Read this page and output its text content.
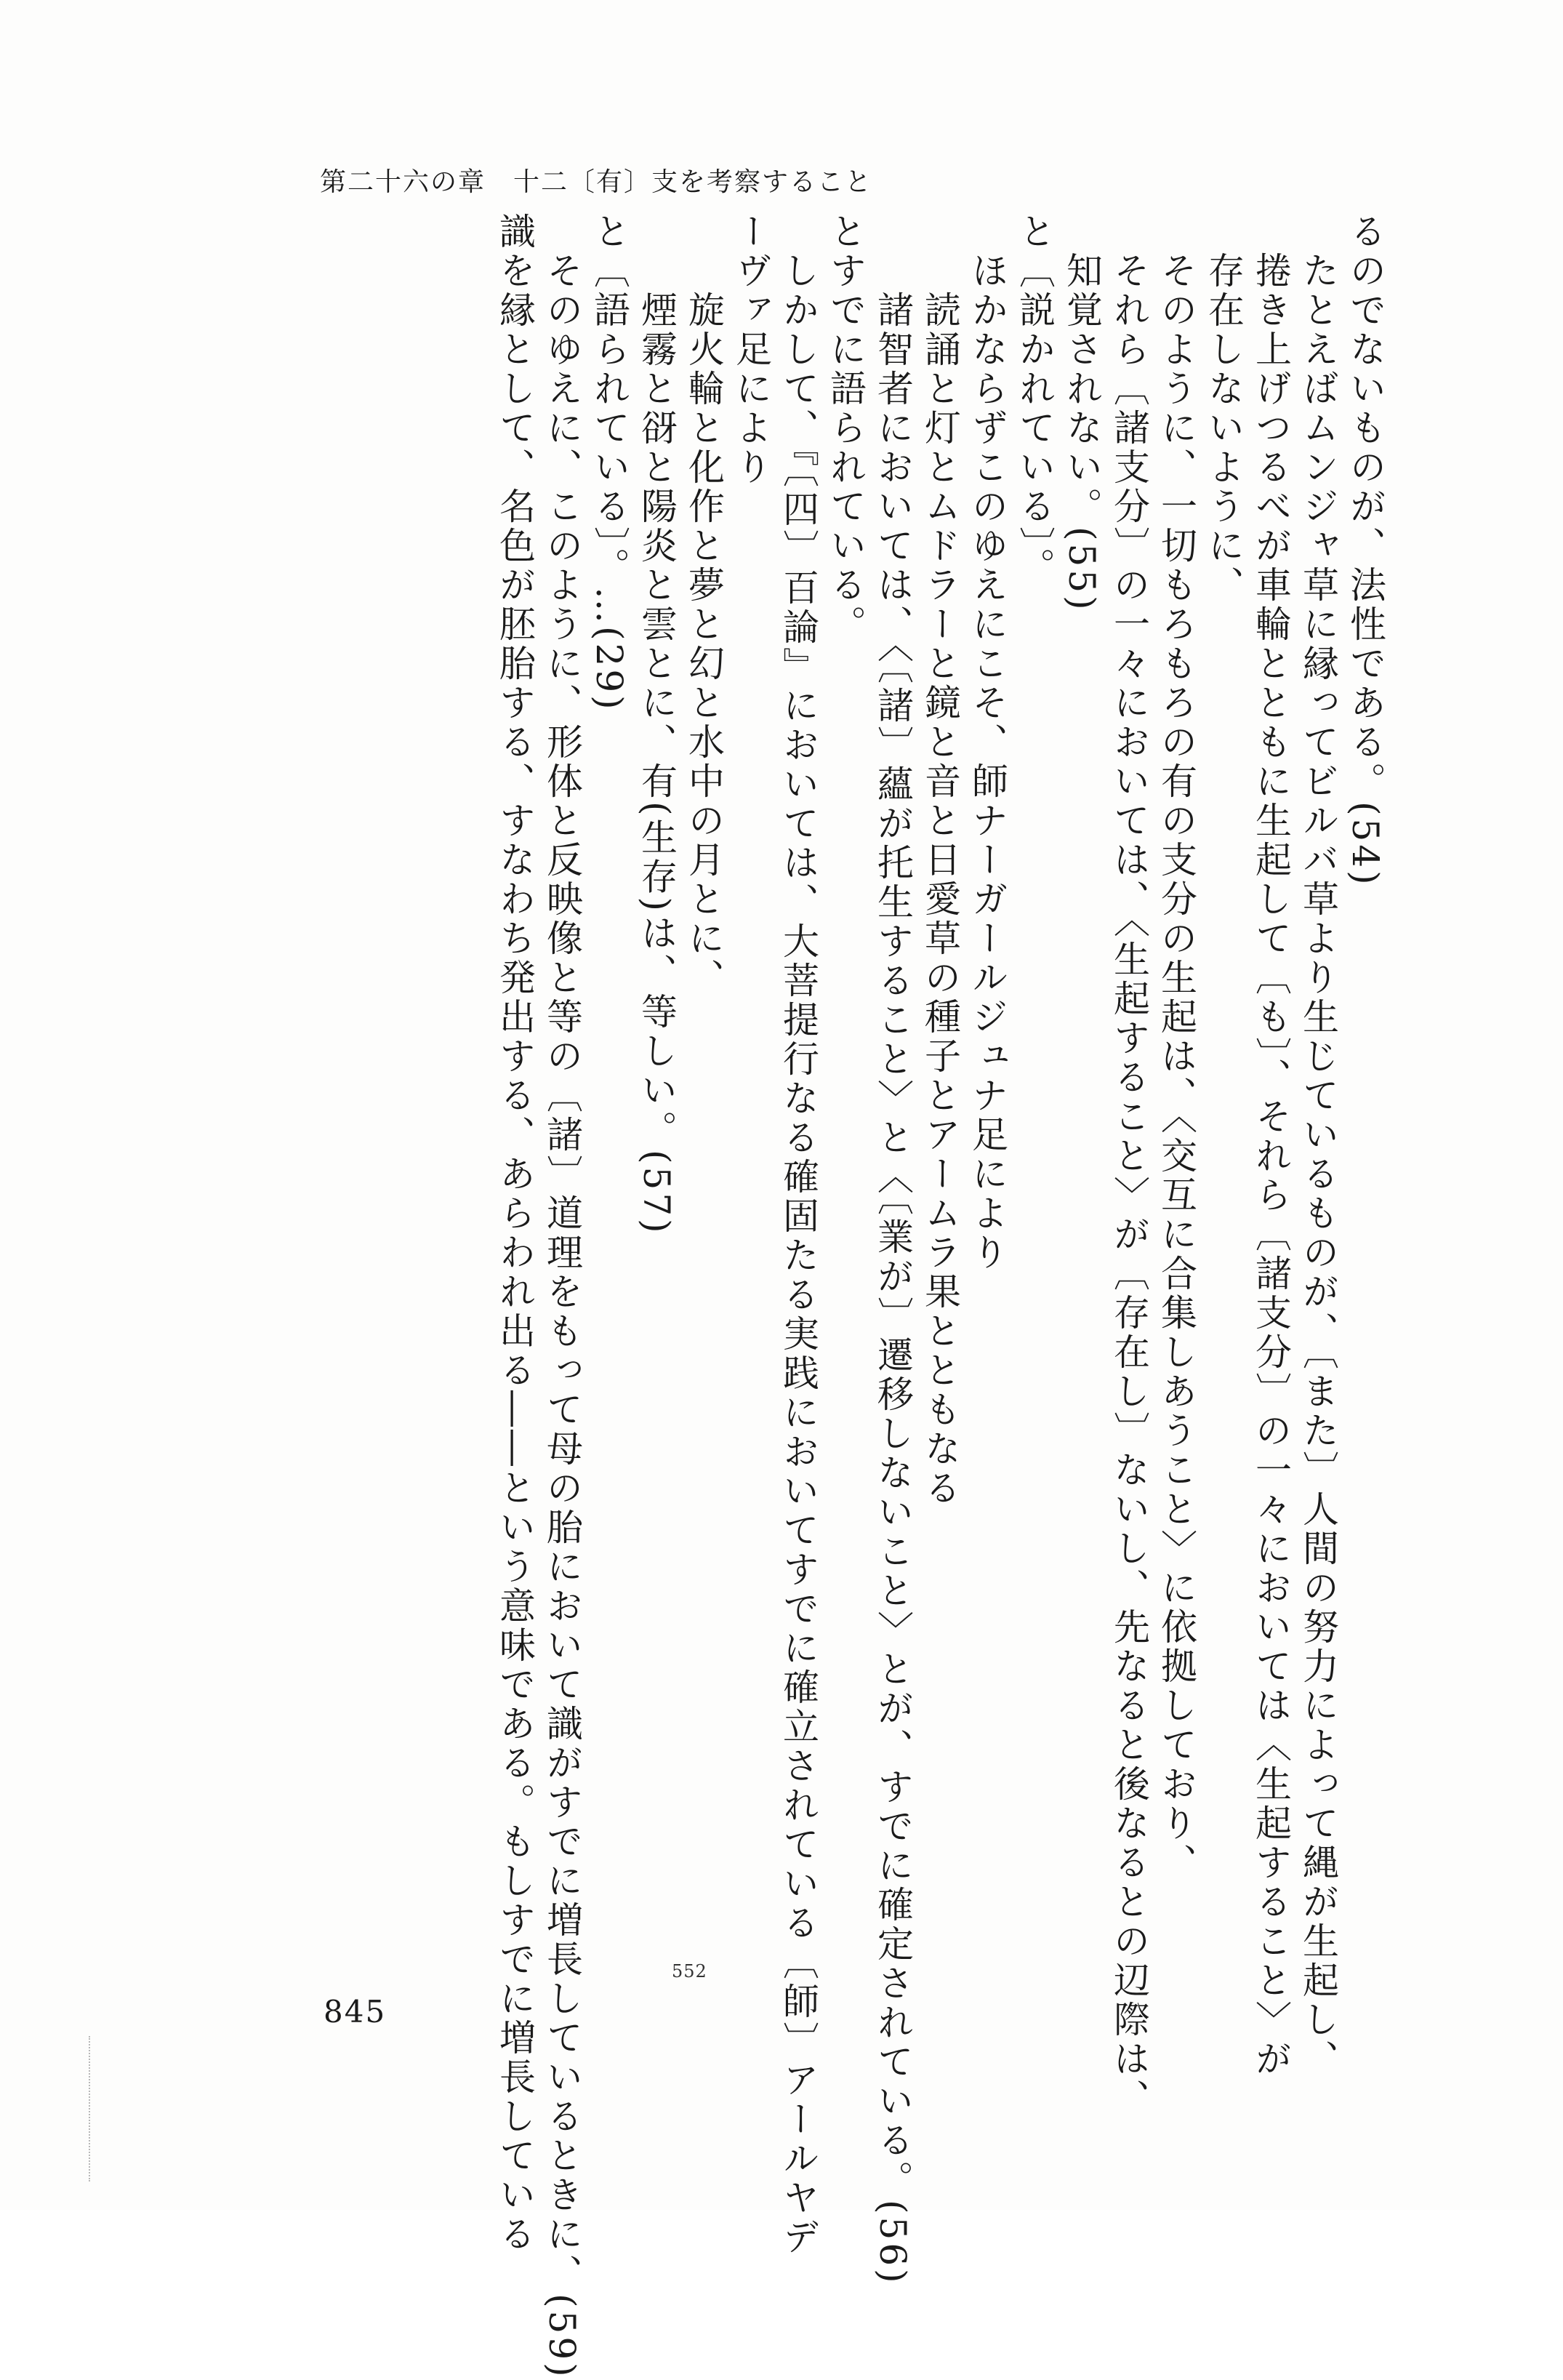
第二十六の章　十二〔有〕支を考察すること
るのでないものが、法性である。(54)
　たとえばムンジャ草に縁ってビルバ草より生じているものが、〔また〕人間の努力によって縄が生起し、
　捲き上げつるべが車輪とともに生起して〔も〕、それら〔諸支分〕の一々においては〈生起すること〉が
　存在しないように、
　そのように、一切もろもろの有の支分の生起は、〈交互に合集しあうこと〉に依拠しており、
　それら〔諸支分〕の一々においては、〈生起すること〉が〔存在し〕ないし、先なると後なるとの辺際は、
　知覚されない。(55)
と〔説かれている〕。
　ほかならずこのゆえにこそ、師ナーガールジュナ足により
　　読誦と灯とムドラーと鏡と音と日愛草の種子とアームラ果とともなる
　　諸智者においては、〈〔諸〕蘊が托生すること〉と〈〔業が〕遷移しないこと〉とが、すでに確定されている。(56)
とすでに語られている。
　しかして、『〔四〕百論』においては、大菩提行なる確固たる実践においてすでに確立されている〔師〕アールヤデ
ーヴァ足により
　　旋火輪と化作と夢と幻と水中の月とに、
　　煙霧と谺と陽炎と雲とに、有(生存)は、等しい。(57)
と〔語られている〕。…(29)
　そのゆえに、このように、形体と反映像と等の〔諸〕道理をもって母の胎において識がすでに増長しているときに、(59)
識を縁として、名色が胚胎する、すなわち発出する、あらわれ出る――という意味である。もしすでに増長している	552
845
